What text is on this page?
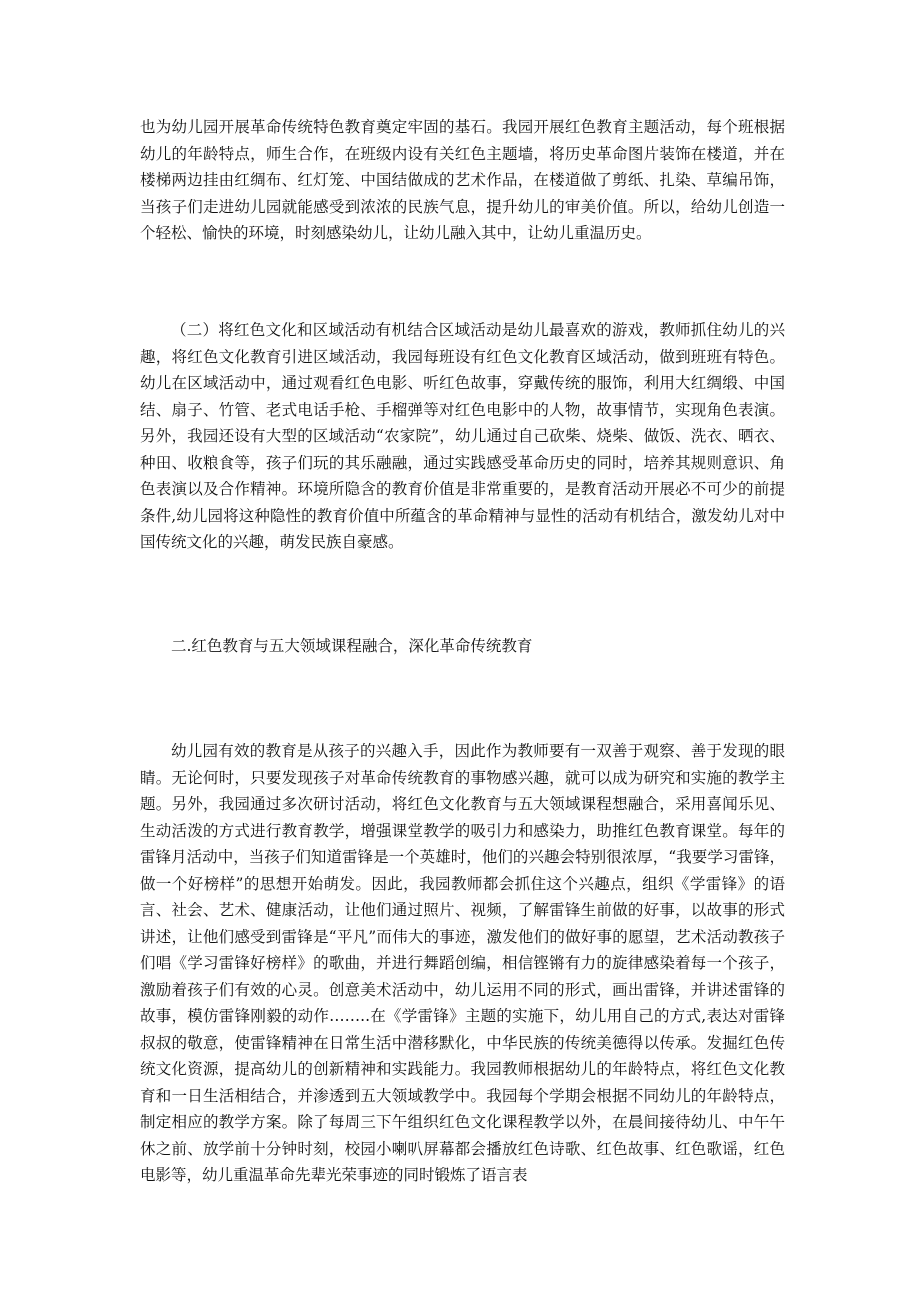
也为幼儿园开展革命传统特色教育奠定牢固的基石。我园开展红色教育主题活动，每个班根据幼儿的年龄特点，师生合作，在班级内设有关红色主题墙，将历史革命图片装饰在楼道，并在楼梯两边挂由红绸布、红灯笼、中国结做成的艺术作品，在楼道做了剪纸、扎染、草编吊饰，当孩子们走进幼儿园就能感受到浓浓的民族气息，提升幼儿的审美价值。所以，给幼儿创造一个轻松、愉快的环境，时刻感染幼儿，让幼儿融入其中，让幼儿重温历史。

（二）将红色文化和区域活动有机结合区域活动是幼儿最喜欢的游戏，教师抓住幼儿的兴趣，将红色文化教育引进区域活动，我园每班设有红色文化教育区域活动，做到班班有特色。幼儿在区域活动中，通过观看红色电影、听红色故事，穿戴传统的服饰，利用大红绸缎、中国结、扇子、竹管、老式电话手枪、手榴弹等对红色电影中的人物，故事情节，实现角色表演。另外，我园还设有大型的区域活动“农家院”，幼儿通过自己砍柴、烧柴、做饭、洗衣、晒衣、种田、收粮食等，孩子们玩的其乐融融，通过实践感受革命历史的同时，培养其规则意识、角色表演以及合作精神。环境所隐含的教育价值是非常重要的，是教育活动开展必不可少的前提条件,幼儿园将这种隐性的教育价值中所蕴含的革命精神与显性的活动有机结合，激发幼儿对中国传统文化的兴趣，萌发民族自豪感。

二.红色教育与五大领域课程融合，深化革命传统教育

幼儿园有效的教育是从孩子的兴趣入手，因此作为教师要有一双善于观察、善于发现的眼睛。无论何时，只要发现孩子对革命传统教育的事物感兴趣，就可以成为研究和实施的教学主题。另外，我园通过多次研讨活动，将红色文化教育与五大领域课程想融合，采用喜闻乐见、生动活泼的方式进行教育教学，增强课堂教学的吸引力和感染力，助推红色教育课堂。每年的雷锋月活动中，当孩子们知道雷锋是一个英雄时，他们的兴趣会特别很浓厚，“我要学习雷锋，做一个好榜样”的思想开始萌发。因此，我园教师都会抓住这个兴趣点，组织《学雷锋》的语言、社会、艺术、健康活动，让他们通过照片、视频，了解雷锋生前做的好事，以故事的形式讲述，让他们感受到雷锋是“平凡”而伟大的事迹，激发他们的做好事的愿望，艺术活动教孩子们唱《学习雷锋好榜样》的歌曲，并进行舞蹈创编，相信铿锵有力的旋律感染着每一个孩子，激励着孩子们有效的心灵。创意美术活动中，幼儿运用不同的形式，画出雷锋，并讲述雷锋的故事，模仿雷锋刚毅的动作……..在《学雷锋》主题的实施下，幼儿用自己的方式,表达对雷锋叔叔的敬意，使雷锋精神在日常生活中潜移默化，中华民族的传统美德得以传承。发掘红色传统文化资源，提高幼儿的创新精神和实践能力。我园教师根据幼儿的年龄特点，将红色文化教育和一日生活相结合，并渗透到五大领域教学中。我园每个学期会根据不同幼儿的年龄特点，制定相应的教学方案。除了每周三下午组织红色文化课程教学以外，在晨间接待幼儿、中午午休之前、放学前十分钟时刻，校园小喇叭屏幕都会播放红色诗歌、红色故事、红色歌谣，红色电影等，幼儿重温革命先辈光荣事迹的同时锻炼了语言表
